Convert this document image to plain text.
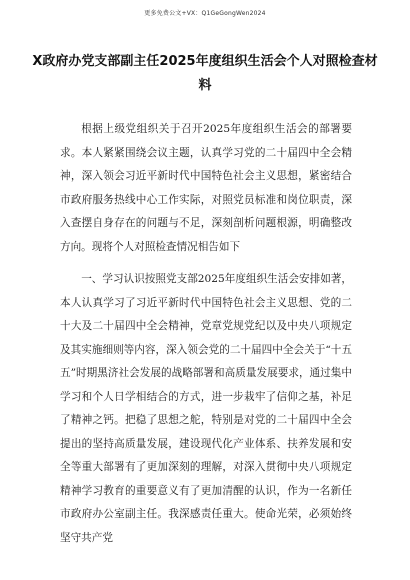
更多免费公文+VX：Q1GeGongWen2024
X政府办党支部副主任2025年度组织生活会个人对照检查材料

根据上级党组织关于召开2025年度组织生活会的部署要求。本人紧紧围绕会议主题，认真学习党的二十届四中全会精神，深入领会习近平新时代中国特色社会主义思想，紧密结合市政府服务热线中心工作实际，对照党员标准和岗位职责，深入查摆自身存在的问题与不足，深刻剖析问题根源，明确整改方向。现将个人对照检查情况相告如下

一、学习认识按照党支部2025年度组织生活会安排如著，本人认真学习了习近平新时代中国特色社会主义思想、党的二十大及二十届四中全会精神，党章党规党纪以及中央八项规定及其实施细则等内容，深入领会党的二十届四中全会关于“十五五”时期黑济社会发展的战略部署和高质量发展要求，通过集中学习和个人日学相结合的方式，进一步栽牢了信仰之基，补足了精神之钙。把稳了思想之舵，特别是对党的二十届四中全会提出的坚持高质量发展，建设现代化产业体系、扶养发展和安全等重大部署有了更加深刻的理解，对深入贯彻中央八项规定精神学习教育的重要意义有了更加清醒的认识，作为一名新任市政府办公室副主任。我深感责任重大。使命光荣，必须始终坚守共产党
